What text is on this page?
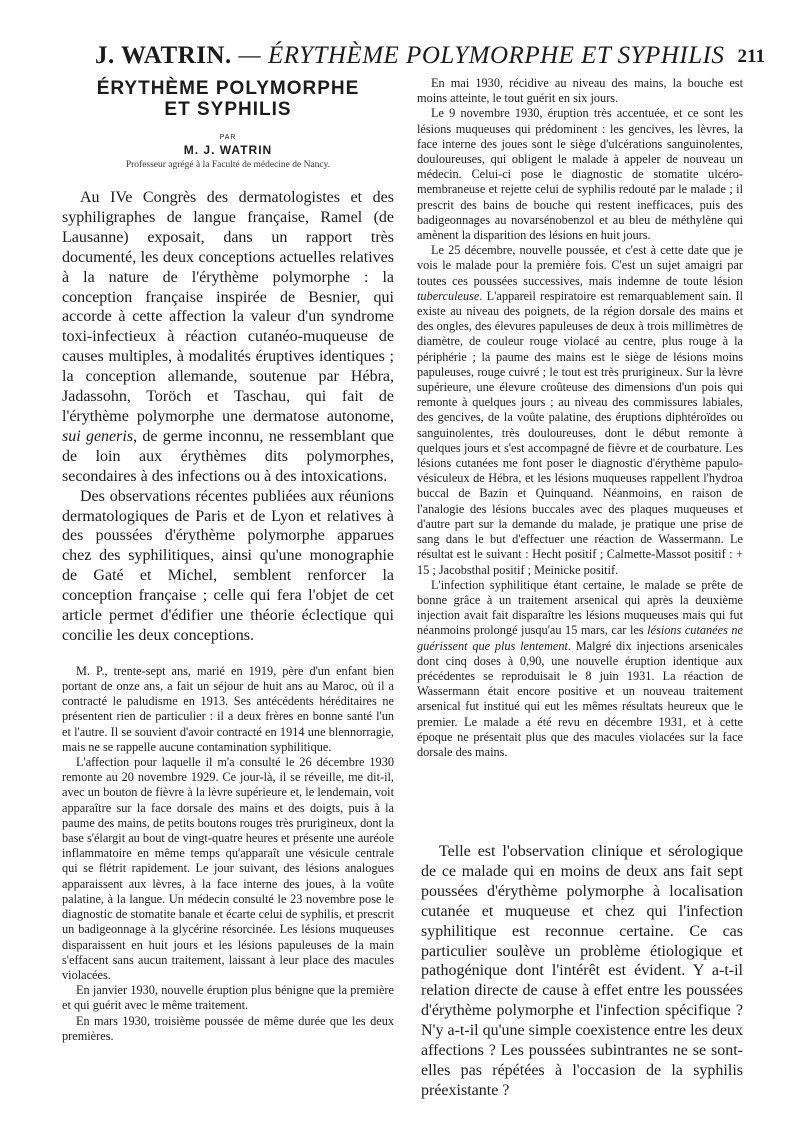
J. WATRIN. — ÉRYTHÈME POLYMORPHE ET SYPHILIS 211
ÉRYTHÈME POLYMORPHE
ET SYPHILIS
PAR
M. J. WATRIN
Professeur agrégé à la Faculté de médecine de Nancy.

Au IVe Congrès des dermatologistes et des syphiligraphes de langue française, Ramel (de Lausanne) exposait, dans un rapport très documenté, les deux conceptions actuelles relatives à la nature de l'érythème polymorphe : la conception française inspirée de Besnier, qui accorde à cette affection la valeur d'un syndrome toxi-infectieux à réaction cutanéo-muqueuse de causes multiples, à modalités éruptives identiques ; la conception allemande, soutenue par Hébra, Jadassohn, Toröch et Taschau, qui fait de l'érythème polymorphe une dermatose autonome, sui generis, de germe inconnu, ne ressemblant que de loin aux érythèmes dits polymorphes, secondaires à des infections ou à des intoxications.

Des observations récentes publiées aux réunions dermatologiques de Paris et de Lyon et relatives à des poussées d'érythème polymorphe apparues chez des syphilitiques, ainsi qu'une monographie de Gaté et Michel, semblent renforcer la conception française ; celle qui fera l'objet de cet article permet d'édifier une théorie éclectique qui concilie les deux conceptions.

M. P., trente-sept ans, marié en 1919, père d'un enfant bien portant de onze ans, a fait un séjour de huit ans au Maroc, où il a contracté le paludisme en 1913. Ses antécédents héréditaires ne présentent rien de particulier : il a deux frères en bonne santé l'un et l'autre. Il se souvient d'avoir contracté en 1914 une blennorragie, mais ne se rappelle aucune contamination syphilitique.

L'affection pour laquelle il m'a consulté le 26 décembre 1930 remonte au 20 novembre 1929. Ce jour-là, il se réveille, me dit-il, avec un bouton de fièvre à la lèvre supérieure et, le lendemain, voit apparaître sur la face dorsale des mains et des doigts, puis à la paume des mains, de petits boutons rouges très prurigineux, dont la base s'élargit au bout de vingt-quatre heures et présente une auréole inflammatoire en même temps qu'apparaît une vésicule centrale qui se flétrit rapidement. Le jour suivant, des lésions analogues apparaissent aux lèvres, à la face interne des joues, à la voûte palatine, à la langue. Un médecin consulté le 23 novembre pose le diagnostic de stomatite banale et écarte celui de syphilis, et prescrit un badigeonnage à la glycérine résorcinée. Les lésions muqueuses disparaissent en huit jours et les lésions papuleuses de la main s'effacent sans aucun traitement, laissant à leur place des macules violacées.

En janvier 1930, nouvelle éruption plus bénigne que la première et qui guérit avec le même traitement.

En mars 1930, troisième poussée de même durée que les deux premières.

En mai 1930, récidive au niveau des mains, la bouche est moins atteinte, le tout guérit en six jours.

Le 9 novembre 1930, éruption très accentuée, et ce sont les lésions muqueuses qui prédominent : les gencives, les lèvres, la face interne des joues sont le siège d'ulcérations sanguinolentes, douloureuses, qui obligent le malade à appeler de nouveau un médecin. Celui-ci pose le diagnostic de stomatite ulcéro-membraneuse et rejette celui de syphilis redouté par le malade ; il prescrit des bains de bouche qui restent inefficaces, puis des badigeonnages au novarsénobenzol et au bleu de méthylène qui amènent la disparition des lésions en huit jours.

Le 25 décembre, nouvelle poussée, et c'est à cette date que je vois le malade pour la première fois. C'est un sujet amaigri par toutes ces poussées successives, mais indemne de toute lésion tuberculeuse. L'appareil respiratoire est remarquablement sain. Il existe au niveau des poignets, de la région dorsale des mains et des ongles, des élevures papuleuses de deux à trois millimètres de diamètre, de couleur rouge violacé au centre, plus rouge à la périphérie ; la paume des mains est le siège de lésions moins papuleuses, rouge cuivré ; le tout est très prurigineux. Sur la lèvre supérieure, une élevure croûteuse des dimensions d'un pois qui remonte à quelques jours ; au niveau des commissures labiales, des gencives, de la voûte palatine, des éruptions diphtéroïdes ou sanguinolentes, très douloureuses, dont le début remonte à quelques jours et s'est accompagné de fièvre et de courbature. Les lésions cutanées me font poser le diagnostic d'érythème papulo-vésiculeux de Hébra, et les lésions muqueuses rappellent l'hydroa buccal de Bazin et Quinquand. Néanmoins, en raison de l'analogie des lésions buccales avec des plaques muqueuses et d'autre part sur la demande du malade, je pratique une prise de sang dans le but d'effectuer une réaction de Wassermann. Le résultat est le suivant : Hecht positif ; Calmette-Massot positif : + 15 ; Jacobsthal positif ; Meinicke positif.

L'infection syphilitique étant certaine, le malade se prête de bonne grâce à un traitement arsenical qui après la deuxième injection avait fait disparaître les lésions muqueuses mais qui fut néanmoins prolongé jusqu'au 15 mars, car les lésions cutanées ne guérissent que plus lentement. Malgré dix injections arsenicales dont cinq doses à 0,90, une nouvelle éruption identique aux précédentes se reproduisait le 8 juin 1931. La réaction de Wassermann était encore positive et un nouveau traitement arsenical fut institué qui eut les mêmes résultats heureux que le premier. Le malade a été revu en décembre 1931, et à cette époque ne présentait plus que des macules violacées sur la face dorsale des mains.

Telle est l'observation clinique et sérologique de ce malade qui en moins de deux ans fait sept poussées d'érythème polymorphe à localisation cutanée et muqueuse et chez qui l'infection syphilitique est reconnue certaine. Ce cas particulier soulève un problème étiologique et pathogénique dont l'intérêt est évident. Y a-t-il relation directe de cause à effet entre les poussées d'érythème polymorphe et l'infection spécifique ? N'y a-t-il qu'une simple coexistence entre les deux affections ? Les poussées subintrantes ne se sont-elles pas répétées à l'occasion de la syphilis préexistante ?
